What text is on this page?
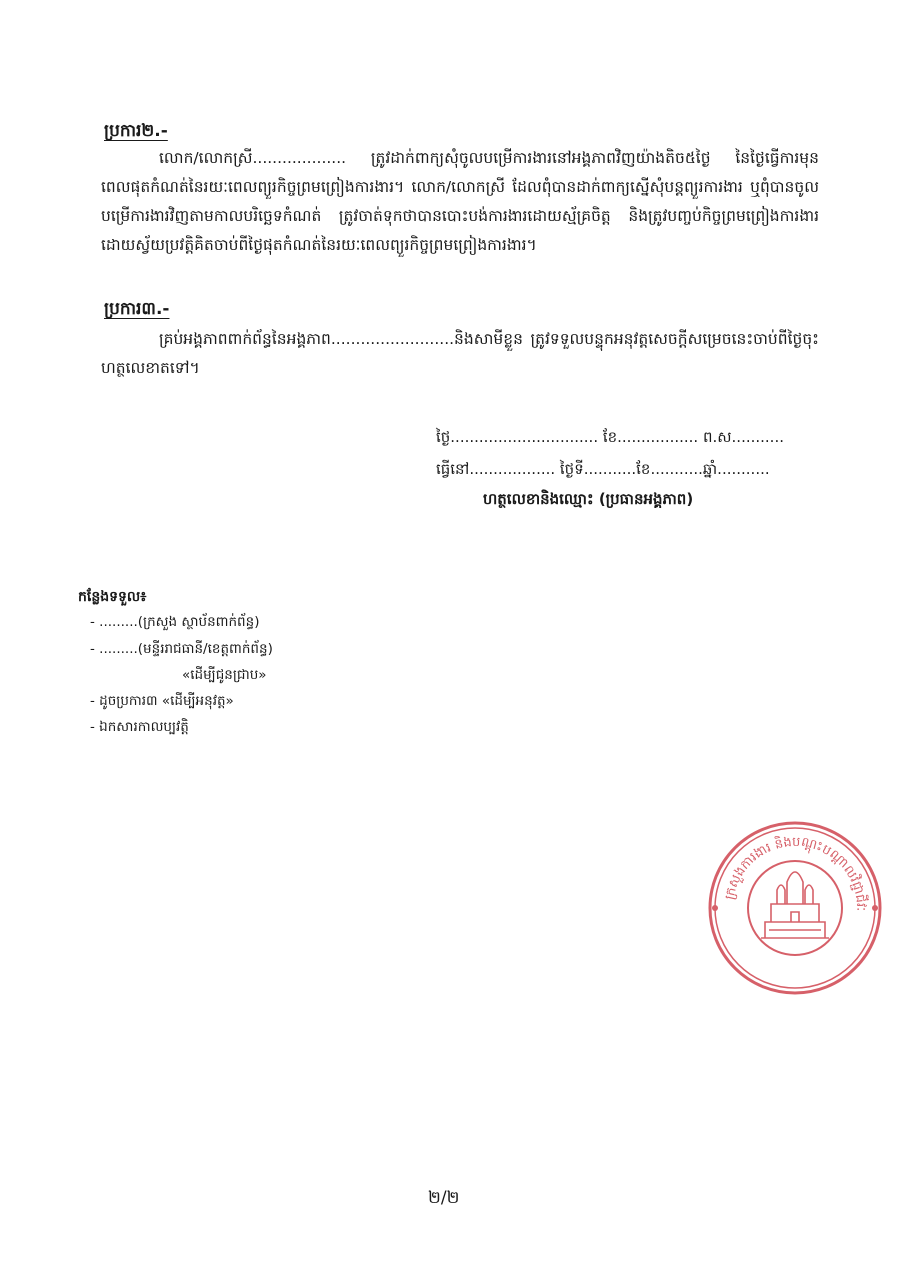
ប្រការ២.-
លោក/លោកស្រី................... ត្រូវដាក់ពាក្យសុំចូលបម្រើការងារនៅអង្គភាពវិញយ៉ាងតិច៥ថ្ងៃ នៃថ្ងៃធ្វើការមុនពេលផុតកំណត់នៃរយៈពេលព្យួរកិច្ចព្រមព្រៀងការងារ។ លោក/លោកស្រី ដែលពុំបានដាក់ពាក្យស្នើសុំបន្តព្យួរការងារ ឬពុំបានចូលបម្រើការងារវិញតាមកាលបរិច្ឆេទកំណត់ ត្រូវចាត់ទុកថាបានបោះបង់ការងារដោយស្ម័គ្រចិត្ត និងត្រូវបញ្ចប់កិច្ចព្រមព្រៀងការងារដោយស្វ័យប្រវត្តិគិតចាប់ពីថ្ងៃផុតកំណត់នៃរយៈពេលព្យួរកិច្ចព្រមព្រៀងការងារ។
ប្រការ៣.-
គ្រប់អង្គភាពពាក់ព័ន្ធនៃអង្គភាព.........................និងសាមីខ្លួន ត្រូវទទួលបន្ទុកអនុវត្តសេចក្តីសម្រេចនេះចាប់ពីថ្ងៃចុះហត្ថលេខាតទៅ។
ថ្ងៃ............................... ខែ................. ព.ស...........
ធ្វើនៅ.................. ថ្ងៃទី...........ខែ...........ឆ្នាំ...........
ហត្ថលេខានិងឈ្មោះ (ប្រធានអង្គភាព)
កន្លែងទទួល៖
- .........(ក្រសួង ស្ថាប័នពាក់ព័ន្ធ)
- .........(មន្ទីររាជធានី/ខេត្តពាក់ព័ន្ធ)
«ដើម្បីជូនជ្រាប»
- ដូចប្រការ៣ «ដើម្បីអនុវត្ត»
- ឯកសារកាលប្បវត្តិ
ក្រសួងការងារ និងបណ្តុះបណ្តាលវិជ្ជាជីវៈ
២/២
